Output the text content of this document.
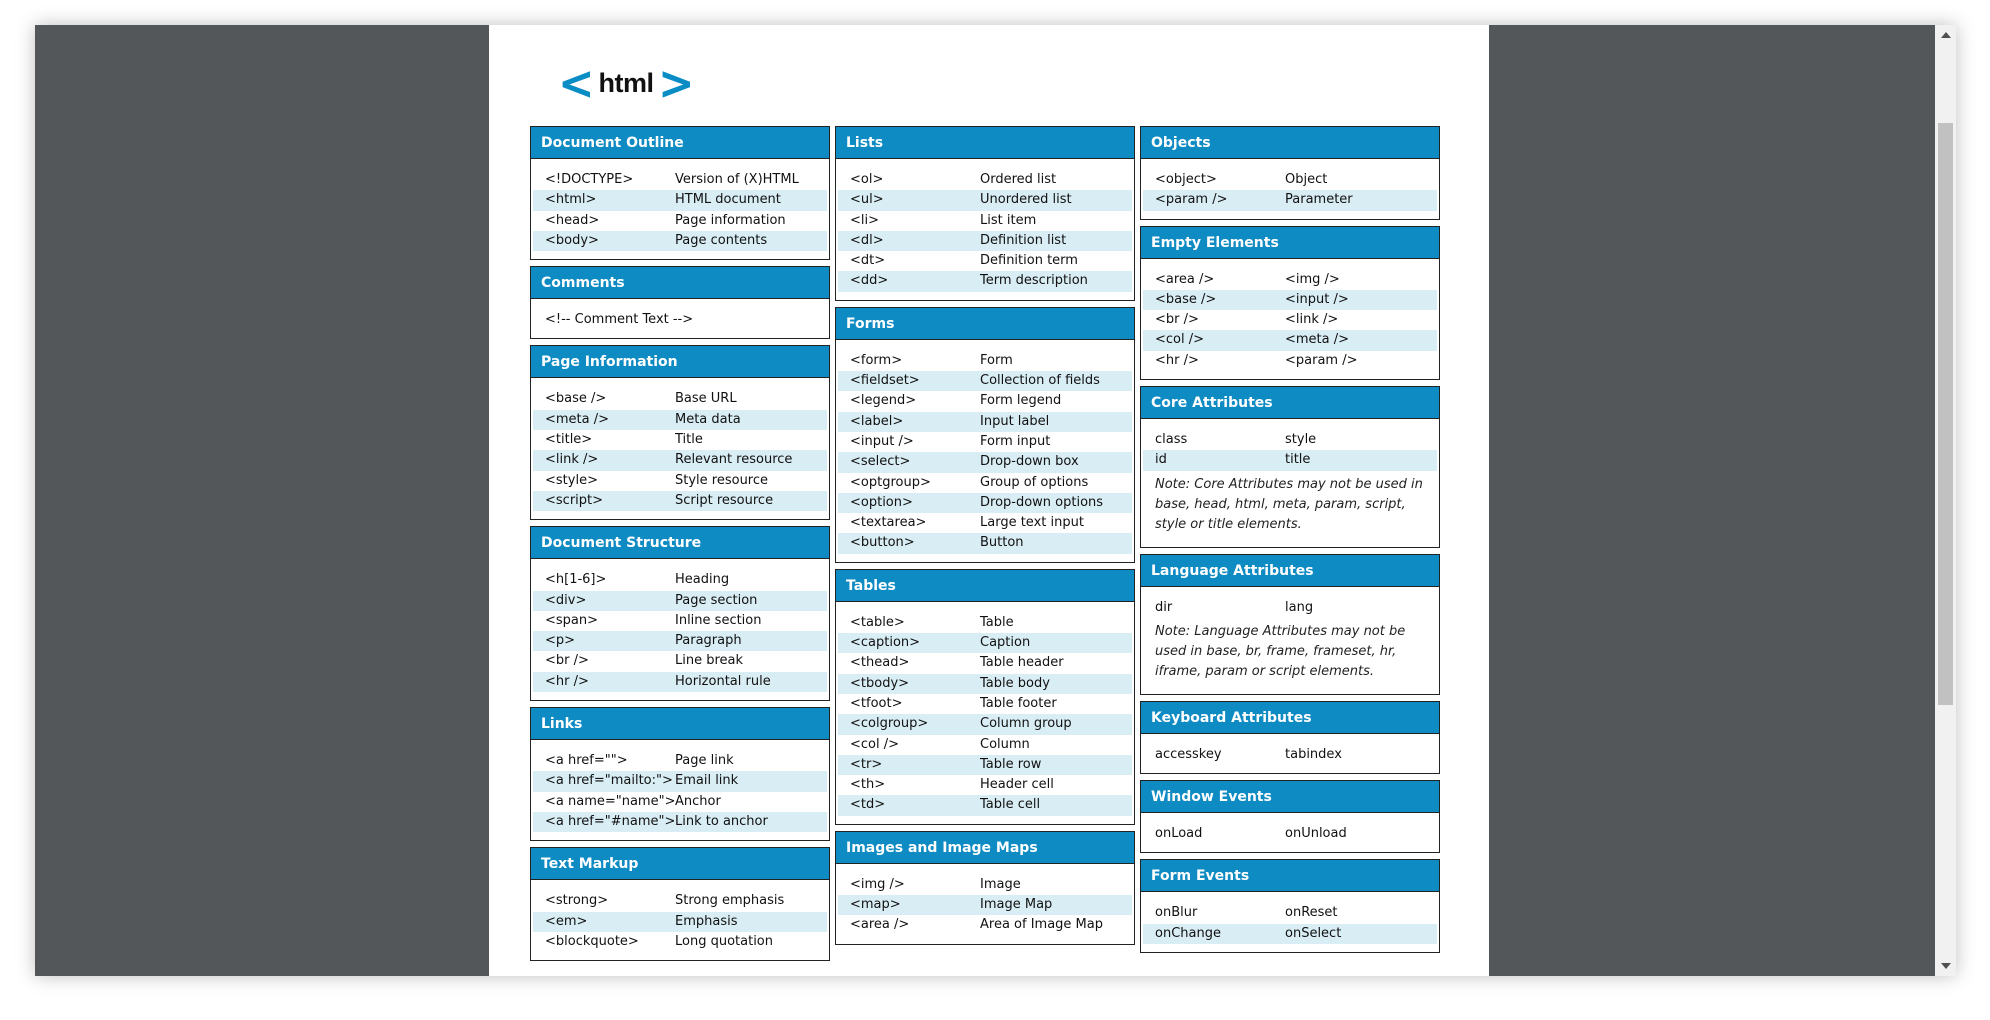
< html >
Document Outline
<!DOCTYPE>	Version of (X)HTML
<html>	HTML document
<head>	Page information
<body>	Page contents
Comments
<!-- Comment Text -->
Page Information
<base />	Base URL
<meta />	Meta data
<title>	Title
<link />	Relevant resource
<style>	Style resource
<script>	Script resource
Document Structure
<h[1-6]>	Heading
<div>	Page section
<span>	Inline section
<p>	Paragraph
<br />	Line break
<hr />	Horizontal rule
Links
<a href="">	Page link
<a href="mailto:"> Email link
<a name="name"> Anchor
<a href="#name"> Link to anchor
Text Markup
<strong>	Strong emphasis
<em>	Emphasis
<blockquote>	Long quotation
Lists
<ol>	Ordered list
<ul>	Unordered list
<li>	List item
<dl>	Definition list
<dt>	Definition term
<dd>	Term description
Forms
<form>	Form
<fieldset>	Collection of fields
<legend>	Form legend
<label>	Input label
<input />	Form input
<select>	Drop-down box
<optgroup>	Group of options
<option>	Drop-down options
<textarea>	Large text input
<button>	Button
Tables
<table>	Table
<caption>	Caption
<thead>	Table header
<tbody>	Table body
<tfoot>	Table footer
<colgroup>	Column group
<col />	Column
<tr>	Table row
<th>	Header cell
<td>	Table cell
Images and Image Maps
<img />	Image
<map>	Image Map
<area />	Area of Image Map
Objects
<object>	Object
<param />	Parameter
Empty Elements
<area />	<img />
<base />	<input />
<br />	<link />
<col />	<meta />
<hr />	<param />
Core Attributes
class	style
id	title
Note: Core Attributes may not be used in base, head, html, meta, param, script, style or title elements.
Language Attributes
dir	lang
Note: Language Attributes may not be used in base, br, frame, frameset, hr, iframe, param or script elements.
Keyboard Attributes
accesskey	tabindex
Window Events
onLoad	onUnload
Form Events
onBlur	onReset
onChange	onSelect
